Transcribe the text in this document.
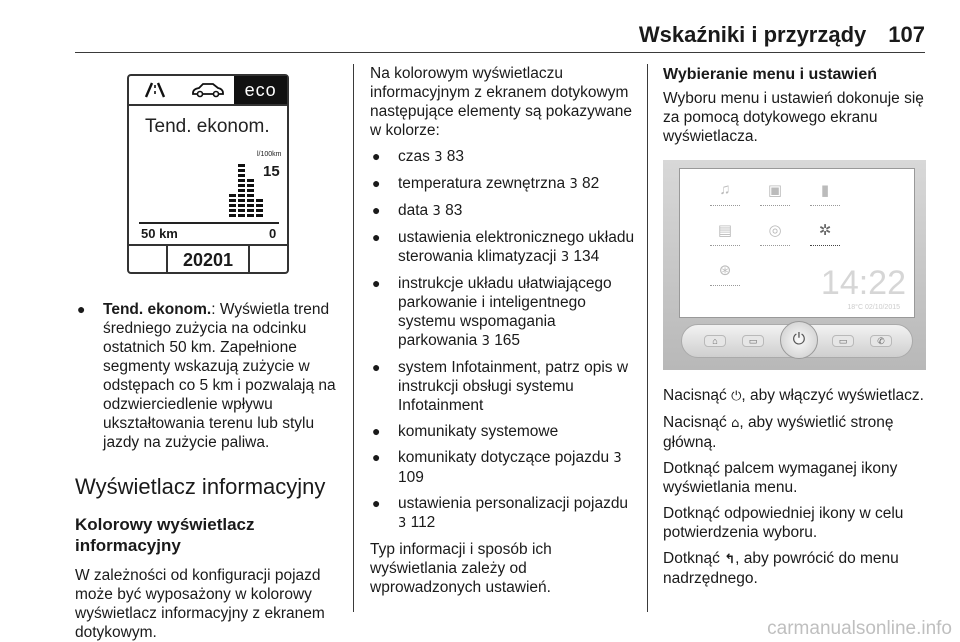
Wskaźniki i przyrządy 107
eco
Tend. ekonom.
l/100km
15
50 km	0
20201
● Tend. ekonom.: Wyświetla trend średniego zużycia na odcinku ostatnich 50 km. Zapełnione segmenty wskazują zużycie w odstępach co 5 km i pozwalają na odzwierciedlenie wpływu ukształtowania terenu lub stylu jazdy na zużycie paliwa.
Wyświetlacz informacyjny
Kolorowy wyświetlacz informacyjny

W zależności od konfiguracji pojazd może być wyposażony w kolorowy wyświetlacz informacyjny z ekranem dotykowym.

Na kolorowym wyświetlaczu informacyjnym z ekranem dotykowym następujące elementy są pokazywane w kolorze:

● czas 3 83
● temperatura zewnętrzna 3 82
● data 3 83
● ustawienia elektronicznego układu sterowania klimatyzacji 3 134
● instrukcje układu ułatwiającego parkowanie i inteligentnego systemu wspomagania parkowania 3 165
● system Infotainment, patrz opis w instrukcji obsługi systemu Infotainment
● komunikaty systemowe
● komunikaty dotyczące pojazdu 3 109
● ustawienia personalizacji pojazdu 3 112

Typ informacji i sposób ich wyświetlania zależy od wprowadzonych ustawień.

Wybieranie menu i ustawień

Wyboru menu i ustawień dokonuje się za pomocą dotykowego ekranu wyświetlacza.

♫ ▣	▮
▤ ◎ ✲
⊛	14:22
18°C 02/10/2015
⌂	▭	⏻	▭	✆

Nacisnąć ⏻, aby włączyć wyświetlacz.

Nacisnąć ⌂, aby wyświetlić stronę główną.

Dotknąć palcem wymaganej ikony wyświetlania menu.

Dotknąć odpowiedniej ikony w celu potwierdzenia wyboru.

Dotknąć ↰, aby powrócić do menu nadrzędnego.

carmanualsonline.info
